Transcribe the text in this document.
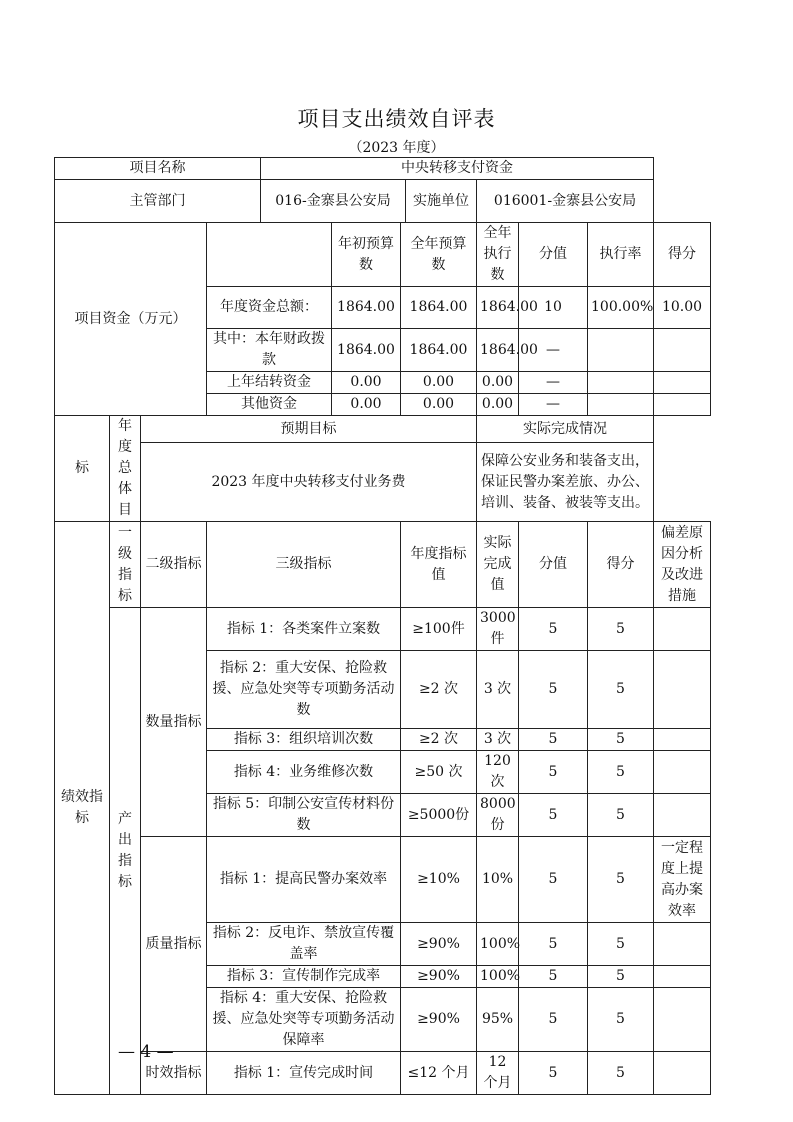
项目支出绩效自评表
（2023 年度）
项目名称				中央转移支付资金							
主管部门				016-金寨县公安局			实施单位	016001-金寨县公安局			
项目资金（万元）					年初预算数	全年预算数		全年执行数	分值	执行率	得分
			年度资金总额：		1864.00	1864.00		1864.00	10	100.00%	10.00
			其中：本年财政拨款		1864.00	1864.00		1864.00	—		
			上年结转资金		0.00	0.00		0.00	—		
			其他资金		0.00	0.00		0.00	—		
标	年度总体目	预期目标						实际完成情况			
		2023 年度中央转移支付业务费						保障公安业务和装备支出，保证民警办案差旅、办公、培训、装备、被装等支出。			
绩效指标	一级指标	二级指标	三级指标			年度指标值		实际完成值	分值	得分	偏差原因分析及改进措施
	产出指标	数量指标	指标 1：各类案件立案数			≥100件		3000 件	5	5	
			指标 2：重大安保、抢险救援、应急处突等专项勤务活动数			≥2 次		3 次	5	5	
			指标 3：组织培训次数			≥2 次		3 次	5	5	
			指标 4：业务维修次数			≥50 次		120 次	5	5	
			指标 5：印制公安宣传材料份数			≥5000份		8000 份	5	5	
		质量指标	指标 1：提高民警办案效率			≥10%		10%	5	5	一定程度上提高办案效率
			指标 2：反电诈、禁放宣传覆盖率			≥90%		100%	5	5	
			指标 3：宣传制作完成率			≥90%		100%	5	5	
			指标 4：重大安保、抢险救援、应急处突等专项勤务活动保障率			≥90%		95%	5	5	
		时效指标	指标 1：宣传完成时间			≤12 个月		12 个月	5	5	
— 4 —
